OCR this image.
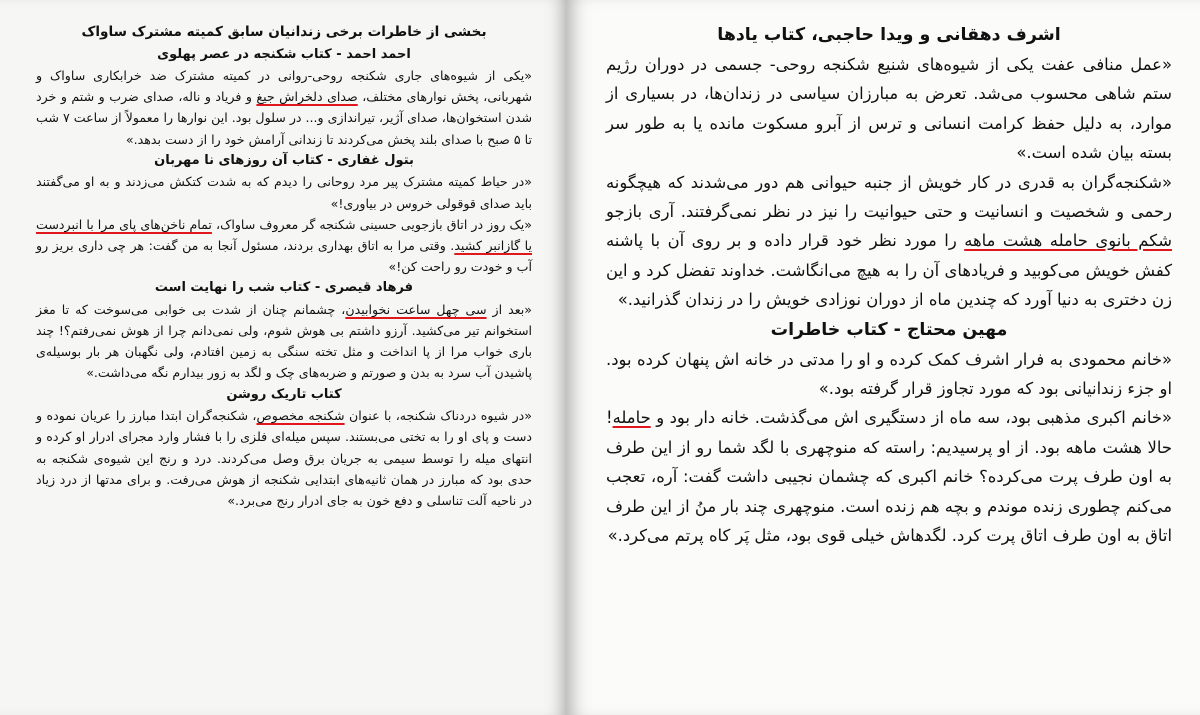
بخشی از خاطرات برخی زندانیان سابق کمیته مشترک ساواک
احمد احمد - کتاب شکنجه در عصر پهلوی

«یکی از شیوه‌های جاری شکنجه روحی-روانی در کمیته مشترک ضد خرابکاری ساواک و شهربانی، پخش نوارهای مختلف، صدای دلخراش جیغ و فریاد و ناله، صدای ضرب و شتم و خرد شدن استخوان‌ها، صدای آژیر، تیراندازی و... در سلول بود. این نوارها را معمولاً از ساعت ۷ شب تا ۵ صبح با صدای بلند پخش می‌کردند تا زندانی آرامش خود را از دست بدهد.»

بتول غفاری - کتاب آن روزهای نا مهربان

«در حیاط کمیته مشترک پیر مرد روحانی را دیدم که به شدت کتکش می‌زدند و به او می‌گفتند باید صدای قوقولی خروس در بیاوری!»

«یک روز در اتاق بازجویی حسینی شکنجه گر معروف ساواک، تمام ناخن‌های پای مرا با انبردست یا گازانبر کشید. وقتی مرا به اتاق بهداری بردند، مسئول آنجا به من گفت: هر چی داری بریز رو آب و خودت رو راحت کن!»

فرهاد قیصری - کتاب شب را نهایت است

«بعد از سی چهل ساعت نخوابیدن، چشمانم چنان از شدت بی خوابی می‌سوخت که تا مغز استخوانم تیر می‌کشید. آرزو داشتم بی هوش شوم، ولی نمی‌دانم چرا از هوش نمی‌رفتم؟! چند باری خواب مرا از پا انداخت و مثل تخته سنگی به زمین افتادم، ولی نگهبان هر بار بوسیله‌ی پاشیدن آب سرد به بدن و صورتم و ضربه‌های چک و لگد به زور بیدارم نگه می‌داشت.»

کتاب تاریک روشن

«در شیوه دردناک شکنجه، با عنوان شکنجه مخصوص، شکنجه‌گران ابتدا مبارز را عریان نموده و دست و پای او را به تختی می‌بستند. سپس میله‌ای فلزی را با فشار وارد مجرای ادرار او کرده و انتهای میله را توسط سیمی به جریان برق وصل می‌کردند. درد و رنج این شیوه‌ی شکنجه به حدی بود که مبارز در همان ثانیه‌های ابتدایی شکنجه از هوش می‌رفت. و برای مدتها از درد زیاد در ناحیه آلت تناسلی و دفع خون به جای ادرار رنج می‌برد.»

اشرف دهقانی و ویدا حاجبی، کتاب یادها

«عمل منافی عفت یکی از شیوه‌های شنیع شکنجه روحی- جسمی در دوران رژیم ستم شاهی محسوب می‌شد. تعرض به مبارزان سیاسی در زندان‌ها، در بسیاری از موارد، به دلیل حفظ کرامت انسانی و ترس از آبرو مسکوت مانده یا به طور سر بسته بیان شده است.»

«شکنجه‌گران به قدری در کار خویش از جنبه حیوانی هم دور می‌شدند که هیچگونه رحمی و شخصیت و انسانیت و حتی حیوانیت را نیز در نظر نمی‌گرفتند. آری بازجو شکم بانوی حامله هشت ماهه را مورد نظر خود قرار داده و بر روی آن با پاشنه کفش خویش می‌کوبید و فریادهای آن را به هیچ می‌انگاشت. خداوند تفضل کرد و این زن دختری به دنیا آورد که چندین ماه از دوران نوزادی خویش را در زندان گذرانید.»

مهین محتاج - کتاب خاطرات

«خانم محمودی به فرار اشرف کمک کرده و او را مدتی در خانه اش پنهان کرده بود. او جزء زندانیانی بود که مورد تجاوز قرار گرفته بود.»

«خانم اکبری مذهبی بود، سه ماه از دستگیری اش می‌گذشت. خانه دار بود و حامله! حالا هشت ماهه بود. از او پرسیدیم: راسته که منوچهری با لگد شما رو از این طرف به اون طرف پرت می‌کرده؟ خانم اکبری که چشمان نجیبی داشت گفت: آره، تعجب می‌کنم چطوری زنده موندم و بچه هم زنده است. منوچهری چند بار منُ از این طرف اتاق به اون طرف اتاق پرت کرد. لگدهاش خیلی قوی بود، مثل پَر کاه پرتم می‌کرد.»
